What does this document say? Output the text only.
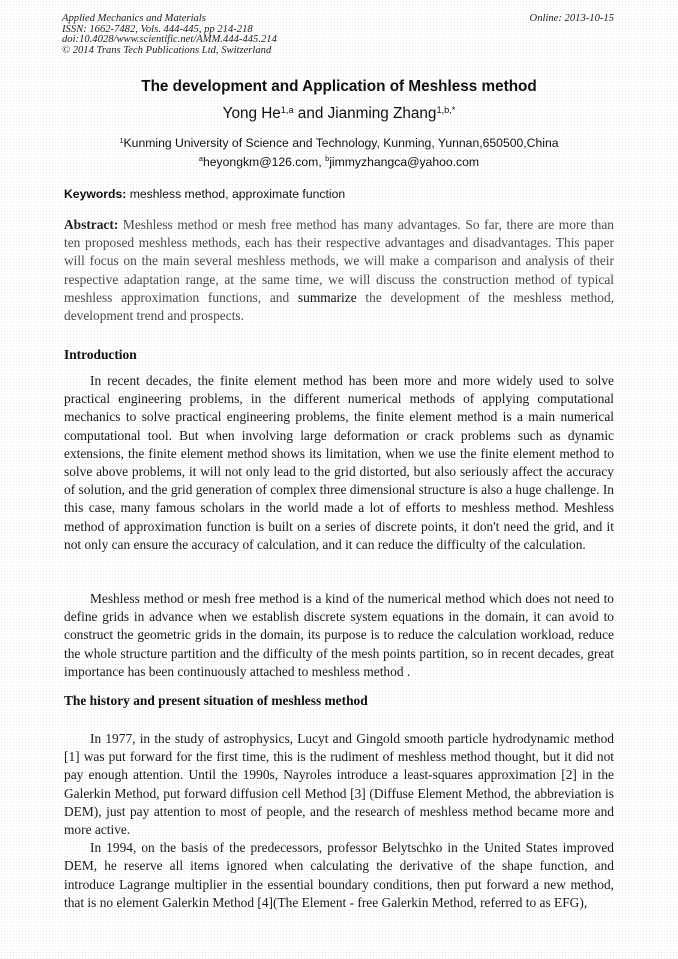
Applied Mechanics and Materials
ISSN: 1662-7482, Vols. 444-445, pp 214-218
doi:10.4028/www.scientific.net/AMM.444-445.214
© 2014 Trans Tech Publications Ltd, Switzerland
Online: 2013-10-15
The development and Application of Meshless method
Yong He$^{1,a}$ and Jianming Zhang$^{1,b,*}$
$^1$Kunming University of Science and Technology, Kunming, Yunnan,650500,China
$^a$heyongkm@126.com, $^b$jimmyzhangca@yahoo.com
Keywords: meshless method, approximate function
Abstract: Meshless method or mesh free method has many advantages. So far, there are more than ten proposed meshless methods, each has their respective advantages and disadvantages. This paper will focus on the main several meshless methods, we will make a comparison and analysis of their respective adaptation range, at the same time, we will discuss the construction method of typical meshless approximation functions, and summarize the development of the meshless method, development trend and prospects.
Introduction

In recent decades, the finite element method has been more and more widely used to solve practical engineering problems, in the different numerical methods of applying computational mechanics to solve practical engineering problems, the finite element method is a main numerical computational tool. But when involving large deformation or crack problems such as dynamic extensions, the finite element method shows its limitation, when we use the finite element method to solve above problems, it will not only lead to the grid distorted, but also seriously affect the accuracy of solution, and the grid generation of complex three dimensional structure is also a huge challenge. In this case, many famous scholars in the world made a lot of efforts to meshless method. Meshless method of approximation function is built on a series of discrete points, it don't need the grid, and it not only can ensure the accuracy of calculation, and it can reduce the difficulty of the calculation.

Meshless method or mesh free method is a kind of the numerical method which does not need to define grids in advance when we establish discrete system equations in the domain, it can avoid to construct the geometric grids in the domain, its purpose is to reduce the calculation workload, reduce the whole structure partition and the difficulty of the mesh points partition, so in recent decades, great importance has been continuously attached to meshless method .

The history and present situation of meshless method

In 1977, in the study of astrophysics, Lucyt and Gingold smooth particle hydrodynamic method [1] was put forward for the first time, this is the rudiment of meshless method thought, but it did not pay enough attention. Until the 1990s, Nayroles introduce a least-squares approximation [2] in the Galerkin Method, put forward diffusion cell Method [3] (Diffuse Element Method, the abbreviation is DEM), just pay attention to most of people, and the research of meshless method became more and more active.

In 1994, on the basis of the predecessors, professor Belytschko in the United States improved DEM, he reserve all items ignored when calculating the derivative of the shape function, and introduce Lagrange multiplier in the essential boundary conditions, then put forward a new method, that is no element Galerkin Method [4](The Element - free Galerkin Method, referred to as EFG),
